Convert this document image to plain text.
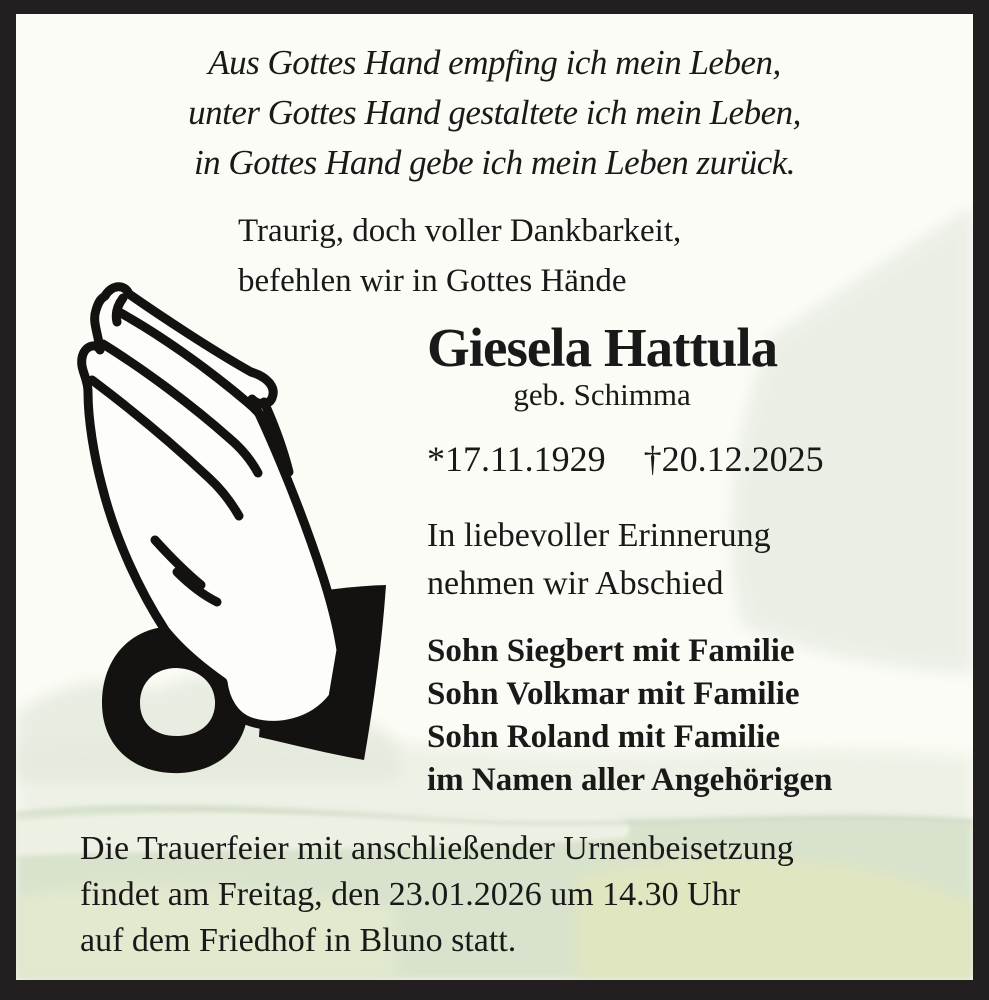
Aus Gottes Hand empfing ich mein Leben,
unter Gottes Hand gestaltete ich mein Leben,
in Gottes Hand gebe ich mein Leben zurück.
Traurig, doch voller Dankbarkeit,
befehlen wir in Gottes Hände
Giesela Hattula
geb. Schimma
*17.11.1929 †20.12.2025
In liebevoller Erinnerung
nehmen wir Abschied
Sohn Siegbert mit Familie
Sohn Volkmar mit Familie
Sohn Roland mit Familie
im Namen aller Angehörigen
Die Trauerfeier mit anschließender Urnenbeisetzung
findet am Freitag, den 23.01.2026 um 14.30 Uhr
auf dem Friedhof in Bluno statt.
